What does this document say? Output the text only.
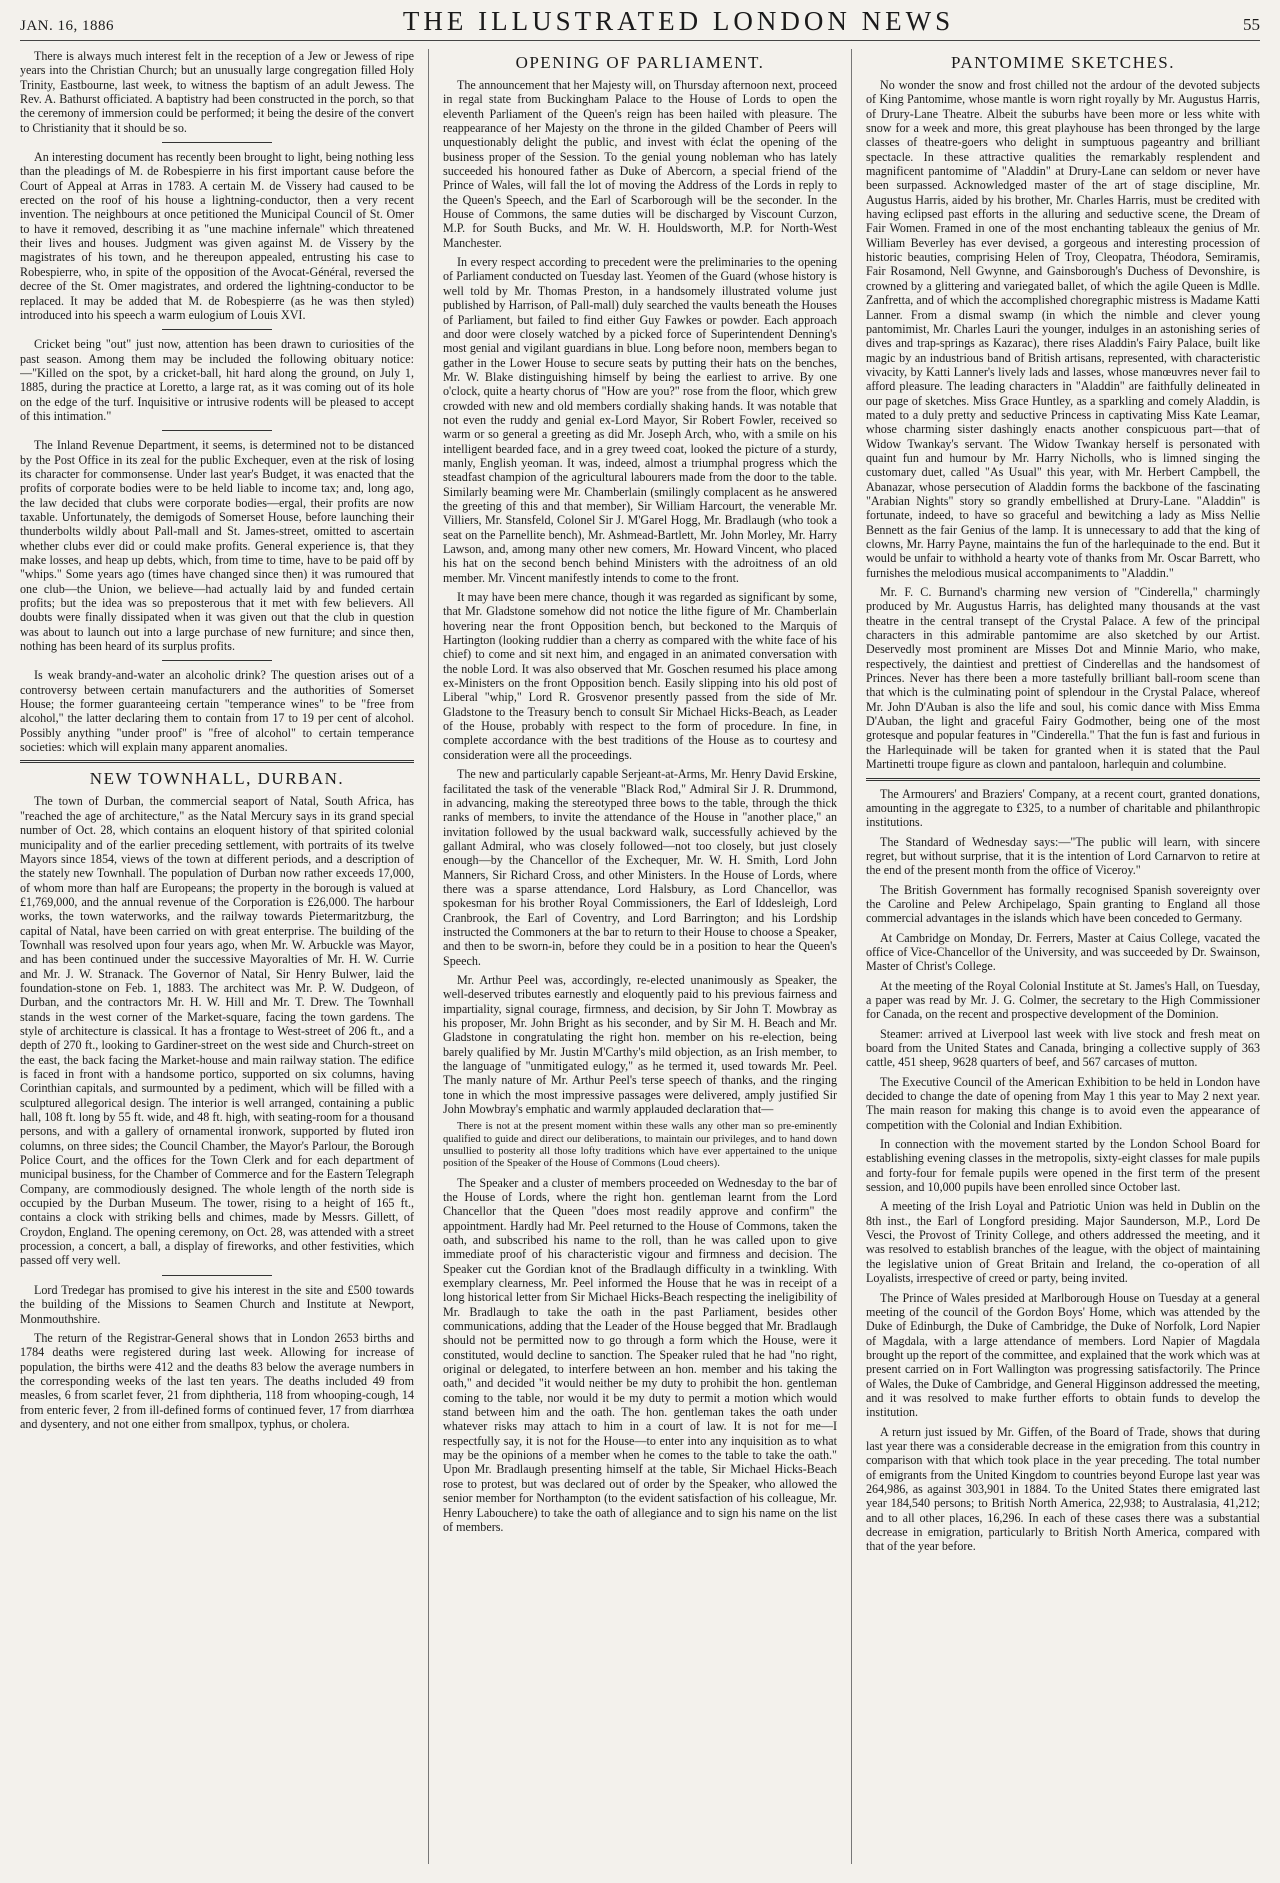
JAN. 16, 1886	THE ILLUSTRATED LONDON NEWS	55

There is always much interest felt in the reception of a Jew or Jewess of ripe years into the Christian Church; but an unusually large congregation filled Holy Trinity, Eastbourne, last week, to witness the baptism of an adult Jewess. The Rev. A. Bathurst officiated. A baptistry had been constructed in the porch, so that the ceremony of immersion could be performed; it being the desire of the convert to Christianity that it should be so.

An interesting document has recently been brought to light, being nothing less than the pleadings of M. de Robespierre in his first important cause before the Court of Appeal at Arras in 1783. A certain M. de Vissery had caused to be erected on the roof of his house a lightning-conductor, then a very recent invention. The neighbours at once petitioned the Municipal Council of St. Omer to have it removed, describing it as "une machine infernale" which threatened their lives and houses. Judgment was given against M. de Vissery by the magistrates of his town, and he thereupon appealed, entrusting his case to Robespierre, who, in spite of the opposition of the Avocat-Général, reversed the decree of the St. Omer magistrates, and ordered the lightning-conductor to be replaced. It may be added that M. de Robespierre (as he was then styled) introduced into his speech a warm eulogium of Louis XVI.

Cricket being "out" just now, attention has been drawn to curiosities of the past season. Among them may be included the following obituary notice:—"Killed on the spot, by a cricket-ball, hit hard along the ground, on July 1, 1885, during the practice at Loretto, a large rat, as it was coming out of its hole on the edge of the turf. Inquisitive or intrusive rodents will be pleased to accept of this intimation."

The Inland Revenue Department, it seems, is determined not to be distanced by the Post Office in its zeal for the public Exchequer, even at the risk of losing its character for commonsense. Under last year's Budget, it was enacted that the profits of corporate bodies were to be held liable to income tax; and, long ago, the law decided that clubs were corporate bodies—ergal, their profits are now taxable. Unfortunately, the demigods of Somerset House, before launching their thunderbolts wildly about Pall-mall and St. James-street, omitted to ascertain whether clubs ever did or could make profits. General experience is, that they make losses, and heap up debts, which, from time to time, have to be paid off by "whips." Some years ago (times have changed since then) it was rumoured that one club—the Union, we believe—had actually laid by and funded certain profits; but the idea was so preposterous that it met with few believers. All doubts were finally dissipated when it was given out that the club in question was about to launch out into a large purchase of new furniture; and since then, nothing has been heard of its surplus profits.

Is weak brandy-and-water an alcoholic drink? The question arises out of a controversy between certain manufacturers and the authorities of Somerset House; the former guaranteeing certain "temperance wines" to be "free from alcohol," the latter declaring them to contain from 17 to 19 per cent of alcohol. Possibly anything "under proof" is "free of alcohol" to certain temperance societies: which will explain many apparent anomalies.

NEW TOWNHALL, DURBAN.

The town of Durban, the commercial seaport of Natal, South Africa, has "reached the age of architecture," as the Natal Mercury says in its grand special number of Oct. 28, which contains an eloquent history of that spirited colonial municipality and of the earlier preceding settlement, with portraits of its twelve Mayors since 1854, views of the town at different periods, and a description of the stately new Townhall. The population of Durban now rather exceeds 17,000, of whom more than half are Europeans; the property in the borough is valued at £1,769,000, and the annual revenue of the Corporation is £26,000. The harbour works, the town waterworks, and the railway towards Pietermaritzburg, the capital of Natal, have been carried on with great enterprise. The building of the Townhall was resolved upon four years ago, when Mr. W. Arbuckle was Mayor, and has been continued under the successive Mayoralties of Mr. H. W. Currie and Mr. J. W. Stranack. The Governor of Natal, Sir Henry Bulwer, laid the foundation-stone on Feb. 1, 1883. The architect was Mr. P. W. Dudgeon, of Durban, and the contractors Mr. H. W. Hill and Mr. T. Drew. The Townhall stands in the west corner of the Market-square, facing the town gardens. The style of architecture is classical. It has a frontage to West-street of 206 ft., and a depth of 270 ft., looking to Gardiner-street on the west side and Church-street on the east, the back facing the Market-house and main railway station. The edifice is faced in front with a handsome portico, supported on six columns, having Corinthian capitals, and surmounted by a pediment, which will be filled with a sculptured allegorical design. The interior is well arranged, containing a public hall, 108 ft. long by 55 ft. wide, and 48 ft. high, with seating-room for a thousand persons, and with a gallery of ornamental ironwork, supported by fluted iron columns, on three sides; the Council Chamber, the Mayor's Parlour, the Borough Police Court, and the offices for the Town Clerk and for each department of municipal business, for the Chamber of Commerce and for the Eastern Telegraph Company, are commodiously designed. The whole length of the north side is occupied by the Durban Museum. The tower, rising to a height of 165 ft., contains a clock with striking bells and chimes, made by Messrs. Gillett, of Croydon, England. The opening ceremony, on Oct. 28, was attended with a street procession, a concert, a ball, a display of fireworks, and other festivities, which passed off very well.

Lord Tredegar has promised to give his interest in the site and £500 towards the building of the Missions to Seamen Church and Institute at Newport, Monmouthshire.

The return of the Registrar-General shows that in London 2653 births and 1784 deaths were registered during last week. Allowing for increase of population, the births were 412 and the deaths 83 below the average numbers in the corresponding weeks of the last ten years. The deaths included 49 from measles, 6 from scarlet fever, 21 from diphtheria, 118 from whooping-cough, 14 from enteric fever, 2 from ill-defined forms of continued fever, 17 from diarrhœa and dysentery, and not one either from smallpox, typhus, or cholera.

OPENING OF PARLIAMENT.

The announcement that her Majesty will, on Thursday afternoon next, proceed in regal state from Buckingham Palace to the House of Lords to open the eleventh Parliament of the Queen's reign has been hailed with pleasure. The reappearance of her Majesty on the throne in the gilded Chamber of Peers will unquestionably delight the public, and invest with éclat the opening of the business proper of the Session. To the genial young nobleman who has lately succeeded his honoured father as Duke of Abercorn, a special friend of the Prince of Wales, will fall the lot of moving the Address of the Lords in reply to the Queen's Speech, and the Earl of Scarborough will be the seconder. In the House of Commons, the same duties will be discharged by Viscount Curzon, M.P. for South Bucks, and Mr. W. H. Houldsworth, M.P. for North-West Manchester.

In every respect according to precedent were the preliminaries to the opening of Parliament conducted on Tuesday last. Yeomen of the Guard (whose history is well told by Mr. Thomas Preston, in a handsomely illustrated volume just published by Harrison, of Pall-mall) duly searched the vaults beneath the Houses of Parliament, but failed to find either Guy Fawkes or powder. Each approach and door were closely watched by a picked force of Superintendent Denning's most genial and vigilant guardians in blue. Long before noon, members began to gather in the Lower House to secure seats by putting their hats on the benches, Mr. W. Blake distinguishing himself by being the earliest to arrive. By one o'clock, quite a hearty chorus of "How are you?" rose from the floor, which grew crowded with new and old members cordially shaking hands. It was notable that not even the ruddy and genial ex-Lord Mayor, Sir Robert Fowler, received so warm or so general a greeting as did Mr. Joseph Arch, who, with a smile on his intelligent bearded face, and in a grey tweed coat, looked the picture of a sturdy, manly, English yeoman. It was, indeed, almost a triumphal progress which the steadfast champion of the agricultural labourers made from the door to the table. Similarly beaming were Mr. Chamberlain (smilingly complacent as he answered the greeting of this and that member), Sir William Harcourt, the venerable Mr. Villiers, Mr. Stansfeld, Colonel Sir J. M'Garel Hogg, Mr. Bradlaugh (who took a seat on the Parnellite bench), Mr. Ashmead-Bartlett, Mr. John Morley, Mr. Harry Lawson, and, among many other new comers, Mr. Howard Vincent, who placed his hat on the second bench behind Ministers with the adroitness of an old member. Mr. Vincent manifestly intends to come to the front.

It may have been mere chance, though it was regarded as significant by some, that Mr. Gladstone somehow did not notice the lithe figure of Mr. Chamberlain hovering near the front Opposition bench, but beckoned to the Marquis of Hartington (looking ruddier than a cherry as compared with the white face of his chief) to come and sit next him, and engaged in an animated conversation with the noble Lord. It was also observed that Mr. Goschen resumed his place among ex-Ministers on the front Opposition bench. Easily slipping into his old post of Liberal "whip," Lord R. Grosvenor presently passed from the side of Mr. Gladstone to the Treasury bench to consult Sir Michael Hicks-Beach, as Leader of the House, probably with respect to the form of procedure. In fine, in complete accordance with the best traditions of the House as to courtesy and consideration were all the proceedings.

The new and particularly capable Serjeant-at-Arms, Mr. Henry David Erskine, facilitated the task of the venerable "Black Rod," Admiral Sir J. R. Drummond, in advancing, making the stereotyped three bows to the table, through the thick ranks of members, to invite the attendance of the House in "another place," an invitation followed by the usual backward walk, successfully achieved by the gallant Admiral, who was closely followed—not too closely, but just closely enough—by the Chancellor of the Exchequer, Mr. W. H. Smith, Lord John Manners, Sir Richard Cross, and other Ministers. In the House of Lords, where there was a sparse attendance, Lord Halsbury, as Lord Chancellor, was spokesman for his brother Royal Commissioners, the Earl of Iddesleigh, Lord Cranbrook, the Earl of Coventry, and Lord Barrington; and his Lordship instructed the Commoners at the bar to return to their House to choose a Speaker, and then to be sworn-in, before they could be in a position to hear the Queen's Speech.

Mr. Arthur Peel was, accordingly, re-elected unanimously as Speaker, the well-deserved tributes earnestly and eloquently paid to his previous fairness and impartiality, signal courage, firmness, and decision, by Sir John T. Mowbray as his proposer, Mr. John Bright as his seconder, and by Sir M. H. Beach and Mr. Gladstone in congratulating the right hon. member on his re-election, being barely qualified by Mr. Justin M'Carthy's mild objection, as an Irish member, to the language of "unmitigated eulogy," as he termed it, used towards Mr. Peel. The manly nature of Mr. Arthur Peel's terse speech of thanks, and the ringing tone in which the most impressive passages were delivered, amply justified Sir John Mowbray's emphatic and warmly applauded declaration that—

There is not at the present moment within these walls any other man so pre-eminently qualified to guide and direct our deliberations, to maintain our privileges, and to hand down unsullied to posterity all those lofty traditions which have ever appertained to the unique position of the Speaker of the House of Commons (Loud cheers).

The Speaker and a cluster of members proceeded on Wednesday to the bar of the House of Lords, where the right hon. gentleman learnt from the Lord Chancellor that the Queen "does most readily approve and confirm" the appointment. Hardly had Mr. Peel returned to the House of Commons, taken the oath, and subscribed his name to the roll, than he was called upon to give immediate proof of his characteristic vigour and firmness and decision. The Speaker cut the Gordian knot of the Bradlaugh difficulty in a twinkling. With exemplary clearness, Mr. Peel informed the House that he was in receipt of a long historical letter from Sir Michael Hicks-Beach respecting the ineligibility of Mr. Bradlaugh to take the oath in the past Parliament, besides other communications, adding that the Leader of the House begged that Mr. Bradlaugh should not be permitted now to go through a form which the House, were it constituted, would decline to sanction. The Speaker ruled that he had "no right, original or delegated, to interfere between an hon. member and his taking the oath," and decided "it would neither be my duty to prohibit the hon. gentleman coming to the table, nor would it be my duty to permit a motion which would stand between him and the oath. The hon. gentleman takes the oath under whatever risks may attach to him in a court of law. It is not for me—I respectfully say, it is not for the House—to enter into any inquisition as to what may be the opinions of a member when he comes to the table to take the oath." Upon Mr. Bradlaugh presenting himself at the table, Sir Michael Hicks-Beach rose to protest, but was declared out of order by the Speaker, who allowed the senior member for Northampton (to the evident satisfaction of his colleague, Mr. Henry Labouchere) to take the oath of allegiance and to sign his name on the list of members.

PANTOMIME SKETCHES.

No wonder the snow and frost chilled not the ardour of the devoted subjects of King Pantomime, whose mantle is worn right royally by Mr. Augustus Harris, of Drury-Lane Theatre. Albeit the suburbs have been more or less white with snow for a week and more, this great playhouse has been thronged by the large classes of theatre-goers who delight in sumptuous pageantry and brilliant spectacle. In these attractive qualities the remarkably resplendent and magnificent pantomime of "Aladdin" at Drury-Lane can seldom or never have been surpassed. Acknowledged master of the art of stage discipline, Mr. Augustus Harris, aided by his brother, Mr. Charles Harris, must be credited with having eclipsed past efforts in the alluring and seductive scene, the Dream of Fair Women. Framed in one of the most enchanting tableaux the genius of Mr. William Beverley has ever devised, a gorgeous and interesting procession of historic beauties, comprising Helen of Troy, Cleopatra, Théodora, Semiramis, Fair Rosamond, Nell Gwynne, and Gainsborough's Duchess of Devonshire, is crowned by a glittering and variegated ballet, of which the agile Queen is Mdlle. Zanfretta, and of which the accomplished choregraphic mistress is Madame Katti Lanner. From a dismal swamp (in which the nimble and clever young pantomimist, Mr. Charles Lauri the younger, indulges in an astonishing series of dives and trap-springs as Kazarac), there rises Aladdin's Fairy Palace, built like magic by an industrious band of British artisans, represented, with characteristic vivacity, by Katti Lanner's lively lads and lasses, whose manœuvres never fail to afford pleasure. The leading characters in "Aladdin" are faithfully delineated in our page of sketches. Miss Grace Huntley, as a sparkling and comely Aladdin, is mated to a duly pretty and seductive Princess in captivating Miss Kate Leamar, whose charming sister dashingly enacts another conspicuous part—that of Widow Twankay's servant. The Widow Twankay herself is personated with quaint fun and humour by Mr. Harry Nicholls, who is limned singing the customary duet, called "As Usual" this year, with Mr. Herbert Campbell, the Abanazar, whose persecution of Aladdin forms the backbone of the fascinating "Arabian Nights" story so grandly embellished at Drury-Lane. "Aladdin" is fortunate, indeed, to have so graceful and bewitching a lady as Miss Nellie Bennett as the fair Genius of the lamp. It is unnecessary to add that the king of clowns, Mr. Harry Payne, maintains the fun of the harlequinade to the end. But it would be unfair to withhold a hearty vote of thanks from Mr. Oscar Barrett, who furnishes the melodious musical accompaniments to "Aladdin."

Mr. F. C. Burnand's charming new version of "Cinderella," charmingly produced by Mr. Augustus Harris, has delighted many thousands at the vast theatre in the central transept of the Crystal Palace. A few of the principal characters in this admirable pantomime are also sketched by our Artist. Deservedly most prominent are Misses Dot and Minnie Mario, who make, respectively, the daintiest and prettiest of Cinderellas and the handsomest of Princes. Never has there been a more tastefully brilliant ball-room scene than that which is the culminating point of splendour in the Crystal Palace, whereof Mr. John D'Auban is also the life and soul, his comic dance with Miss Emma D'Auban, the light and graceful Fairy Godmother, being one of the most grotesque and popular features in "Cinderella." That the fun is fast and furious in the Harlequinade will be taken for granted when it is stated that the Paul Martinetti troupe figure as clown and pantaloon, harlequin and columbine.

The Armourers' and Braziers' Company, at a recent court, granted donations, amounting in the aggregate to £325, to a number of charitable and philanthropic institutions.

The Standard of Wednesday says:—"The public will learn, with sincere regret, but without surprise, that it is the intention of Lord Carnarvon to retire at the end of the present month from the office of Viceroy."

The British Government has formally recognised Spanish sovereignty over the Caroline and Pelew Archipelago, Spain granting to England all those commercial advantages in the islands which have been conceded to Germany.

At Cambridge on Monday, Dr. Ferrers, Master at Caius College, vacated the office of Vice-Chancellor of the University, and was succeeded by Dr. Swainson, Master of Christ's College.

At the meeting of the Royal Colonial Institute at St. James's Hall, on Tuesday, a paper was read by Mr. J. G. Colmer, the secretary to the High Commissioner for Canada, on the recent and prospective development of the Dominion.

Steamer: arrived at Liverpool last week with live stock and fresh meat on board from the United States and Canada, bringing a collective supply of 363 cattle, 451 sheep, 9628 quarters of beef, and 567 carcases of mutton.

The Executive Council of the American Exhibition to be held in London have decided to change the date of opening from May 1 this year to May 2 next year. The main reason for making this change is to avoid even the appearance of competition with the Colonial and Indian Exhibition.

In connection with the movement started by the London School Board for establishing evening classes in the metropolis, sixty-eight classes for male pupils and forty-four for female pupils were opened in the first term of the present session, and 10,000 pupils have been enrolled since October last.

A meeting of the Irish Loyal and Patriotic Union was held in Dublin on the 8th inst., the Earl of Longford presiding. Major Saunderson, M.P., Lord De Vesci, the Provost of Trinity College, and others addressed the meeting, and it was resolved to establish branches of the league, with the object of maintaining the legislative union of Great Britain and Ireland, the co-operation of all Loyalists, irrespective of creed or party, being invited.

The Prince of Wales presided at Marlborough House on Tuesday at a general meeting of the council of the Gordon Boys' Home, which was attended by the Duke of Edinburgh, the Duke of Cambridge, the Duke of Norfolk, Lord Napier of Magdala, with a large attendance of members. Lord Napier of Magdala brought up the report of the committee, and explained that the work which was at present carried on in Fort Wallington was progressing satisfactorily. The Prince of Wales, the Duke of Cambridge, and General Higginson addressed the meeting, and it was resolved to make further efforts to obtain funds to develop the institution.

A return just issued by Mr. Giffen, of the Board of Trade, shows that during last year there was a considerable decrease in the emigration from this country in comparison with that which took place in the year preceding. The total number of emigrants from the United Kingdom to countries beyond Europe last year was 264,986, as against 303,901 in 1884. To the United States there emigrated last year 184,540 persons; to British North America, 22,938; to Australasia, 41,212; and to all other places, 16,296. In each of these cases there was a substantial decrease in emigration, particularly to British North America, compared with that of the year before.
